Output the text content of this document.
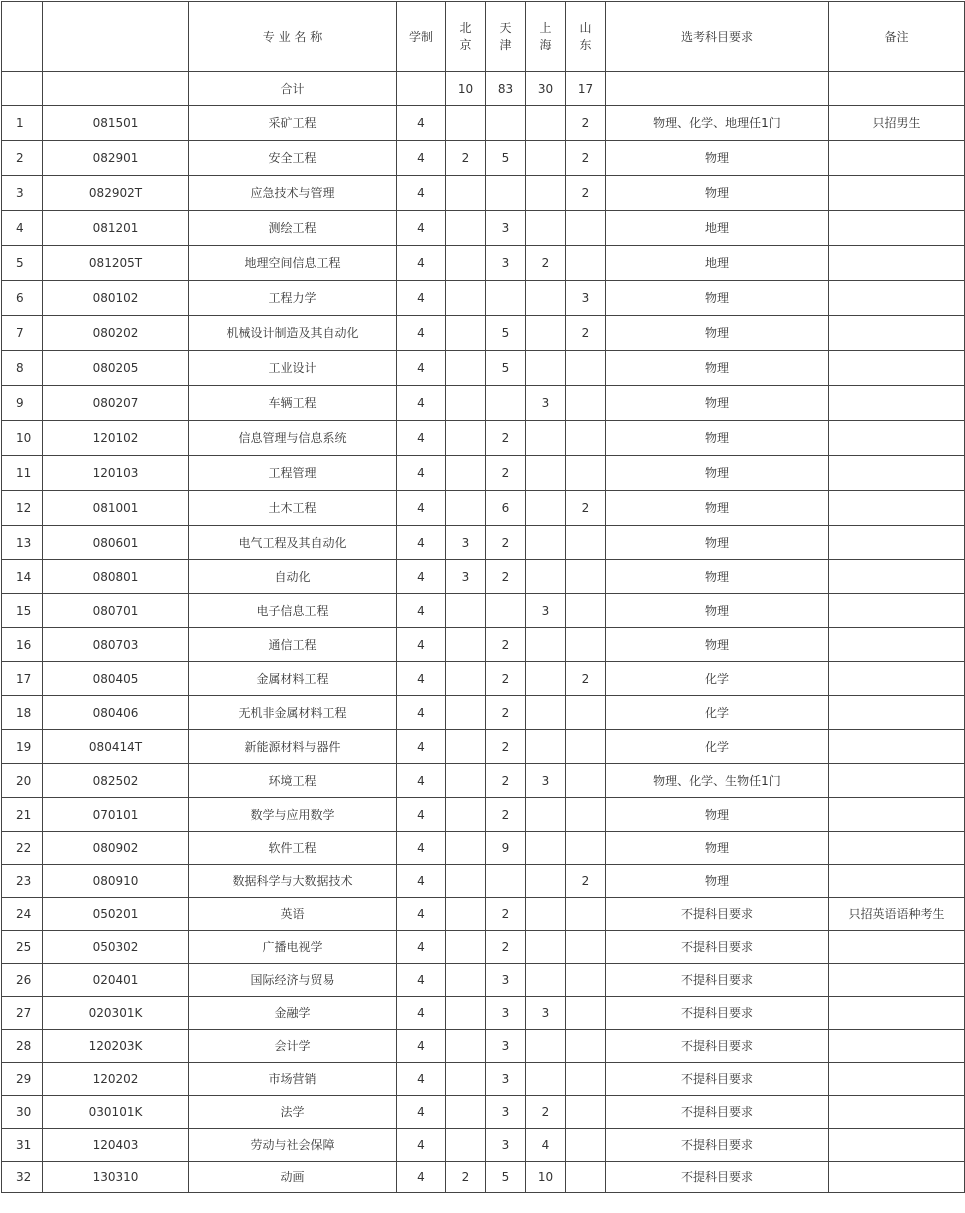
		专 业 名 称	学制	北京	天津	上海	山东	选考科目要求	备注
		合计		10	83	30	17		
1	081501	采矿工程	4				2	物理、化学、地理任1门	只招男生
2	082901	安全工程	4	2	5		2	物理	
3	082902T	应急技术与管理	4				2	物理	
4	081201	测绘工程	4		3			地理	
5	081205T	地理空间信息工程	4		3	2		地理	
6	080102	工程力学	4				3	物理	
7	080202	机械设计制造及其自动化	4		5		2	物理	
8	080205	工业设计	4		5			物理	
9	080207	车辆工程	4			3		物理	
10	120102	信息管理与信息系统	4		2			物理	
11	120103	工程管理	4		2			物理	
12	081001	土木工程	4		6		2	物理	
13	080601	电气工程及其自动化	4	3	2			物理	
14	080801	自动化	4	3	2			物理	
15	080701	电子信息工程	4			3		物理	
16	080703	通信工程	4		2			物理	
17	080405	金属材料工程	4		2		2	化学	
18	080406	无机非金属材料工程	4		2			化学	
19	080414T	新能源材料与器件	4		2			化学	
20	082502	环境工程	4		2	3		物理、化学、生物任1门	
21	070101	数学与应用数学	4		2			物理	
22	080902	软件工程	4		9			物理	
23	080910	数据科学与大数据技术	4				2	物理	
24	050201	英语	4		2			不提科目要求	只招英语语种考生
25	050302	广播电视学	4		2			不提科目要求	
26	020401	国际经济与贸易	4		3			不提科目要求	
27	020301K	金融学	4		3	3		不提科目要求	
28	120203K	会计学	4		3			不提科目要求	
29	120202	市场营销	4		3			不提科目要求	
30	030101K	法学	4		3	2		不提科目要求	
31	120403	劳动与社会保障	4		3	4		不提科目要求	
32	130310	动画	4	2	5	10		不提科目要求	
